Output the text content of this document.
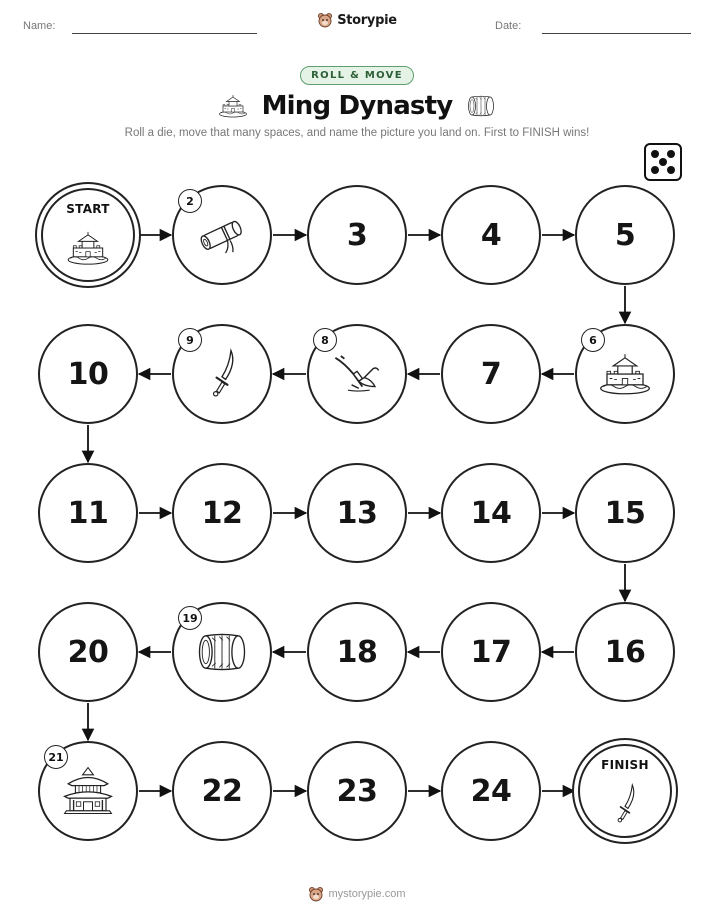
Name:	Storypie	Date:
ROLL & MOVE
Ming Dynasty
Roll a die, move that many spaces, and name the picture you land on. First to FINISH wins!
START
2
3	4	5
6
7
8
9
10
11	12	13	14	15
16
17
18
19
20
21
22	23	24
FINISH
mystorypie.com
